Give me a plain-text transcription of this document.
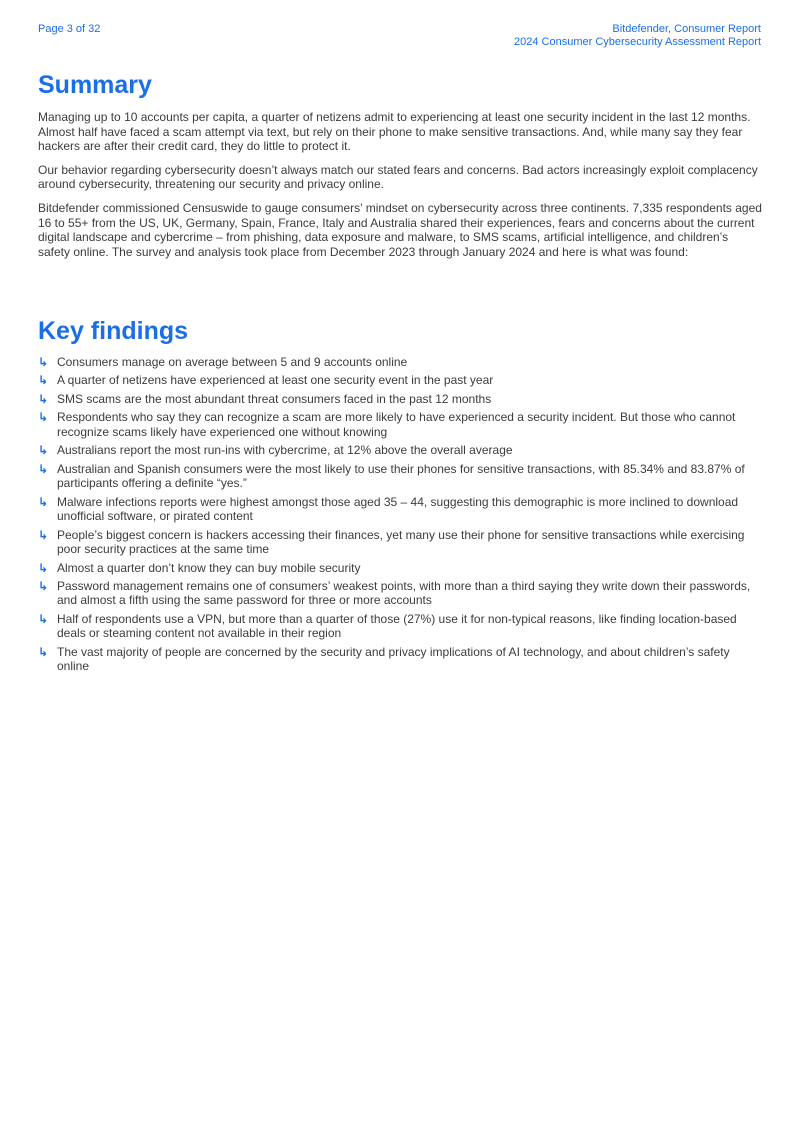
Page 3 of 32	Bitdefender, Consumer Report
2024 Consumer Cybersecurity Assessment Report
Summary

Managing up to 10 accounts per capita, a quarter of netizens admit to experiencing at least one security incident in the last 12 months. Almost half have faced a scam attempt via text, but rely on their phone to make sensitive transactions. And, while many say they fear hackers are after their credit card, they do little to protect it.

Our behavior regarding cybersecurity doesn’t always match our stated fears and concerns. Bad actors increasingly exploit complacency around cybersecurity, threatening our security and privacy online.

Bitdefender commissioned Censuswide to gauge consumers’ mindset on cybersecurity across three continents. 7,335 respondents aged 16 to 55+ from the US, UK, Germany, Spain, France, Italy and Australia shared their experiences, fears and concerns about the current digital landscape and cybercrime – from phishing, data exposure and malware, to SMS scams, artificial intelligence, and children’s safety online. The survey and analysis took place from December 2023 through January 2024 and here is what was found:

Key findings
↳ Consumers manage on average between 5 and 9 accounts online
↳ A quarter of netizens have experienced at least one security event in the past year
↳ SMS scams are the most abundant threat consumers faced in the past 12 months
↳ Respondents who say they can recognize a scam are more likely to have experienced a security incident. But those who cannot recognize scams likely have experienced one without knowing
↳ Australians report the most run-ins with cybercrime, at 12% above the overall average
↳ Australian and Spanish consumers were the most likely to use their phones for sensitive transactions, with 85.34% and 83.87% of participants offering a definite “yes.”
↳ Malware infections reports were highest amongst those aged 35 – 44, suggesting this demographic is more inclined to download unofficial software, or pirated content
↳ People’s biggest concern is hackers accessing their finances, yet many use their phone for sensitive transactions while exercising poor security practices at the same time
↳ Almost a quarter don’t know they can buy mobile security
↳ Password management remains one of consumers’ weakest points, with more than a third saying they write down their passwords, and almost a fifth using the same password for three or more accounts
↳ Half of respondents use a VPN, but more than a quarter of those (27%) use it for non-typical reasons, like finding location-based deals or steaming content not available in their region
↳ The vast majority of people are concerned by the security and privacy implications of AI technology, and about children’s safety online
